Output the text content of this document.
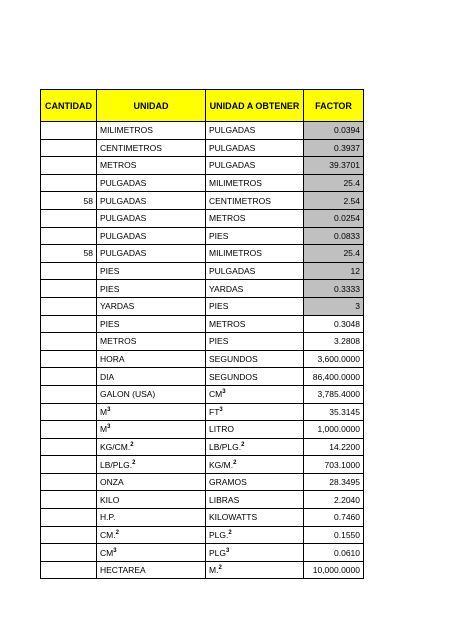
CANTIDAD	UNIDAD	UNIDAD A OBTENER	FACTOR
	MILIMETROS	PULGADAS	0.0394
	CENTIMETROS	PULGADAS	0.3937
	METROS	PULGADAS	39.3701
	PULGADAS	MILIMETROS	25.4
58	PULGADAS	CENTIMETROS	2.54
	PULGADAS	METROS	0.0254
	PULGADAS	PIES	0.0833
58	PULGADAS	MILIMETROS	25.4
	PIES	PULGADAS	12
	PIES	YARDAS	0.3333
	YARDAS	PIES	3
	PIES	METROS	0.3048
	METROS	PIES	3.2808
	HORA	SEGUNDOS	3,600.0000
	DIA	SEGUNDOS	86,400.0000
	GALON (USA)	$CM^3$	3,785.4000
	$M^3$	$FT^3$	35.3145
	$M^3$	LITRO	1,000.0000
	KG/CM.$^2$	LB/PLG.$^2$	14.2200
	LB/PLG.$^2$	KG/M.$^2$	703.1000
	ONZA	GRAMOS	28.3495
	KILO	LIBRAS	2.2040
	H.P.	KILOWATTS	0.7460
	CM.$^2$	PLG.$^2$	0.1550
	$CM^3$	PLG$^3$	0.0610
	HECTAREA	M.$^2$	10,000.0000
